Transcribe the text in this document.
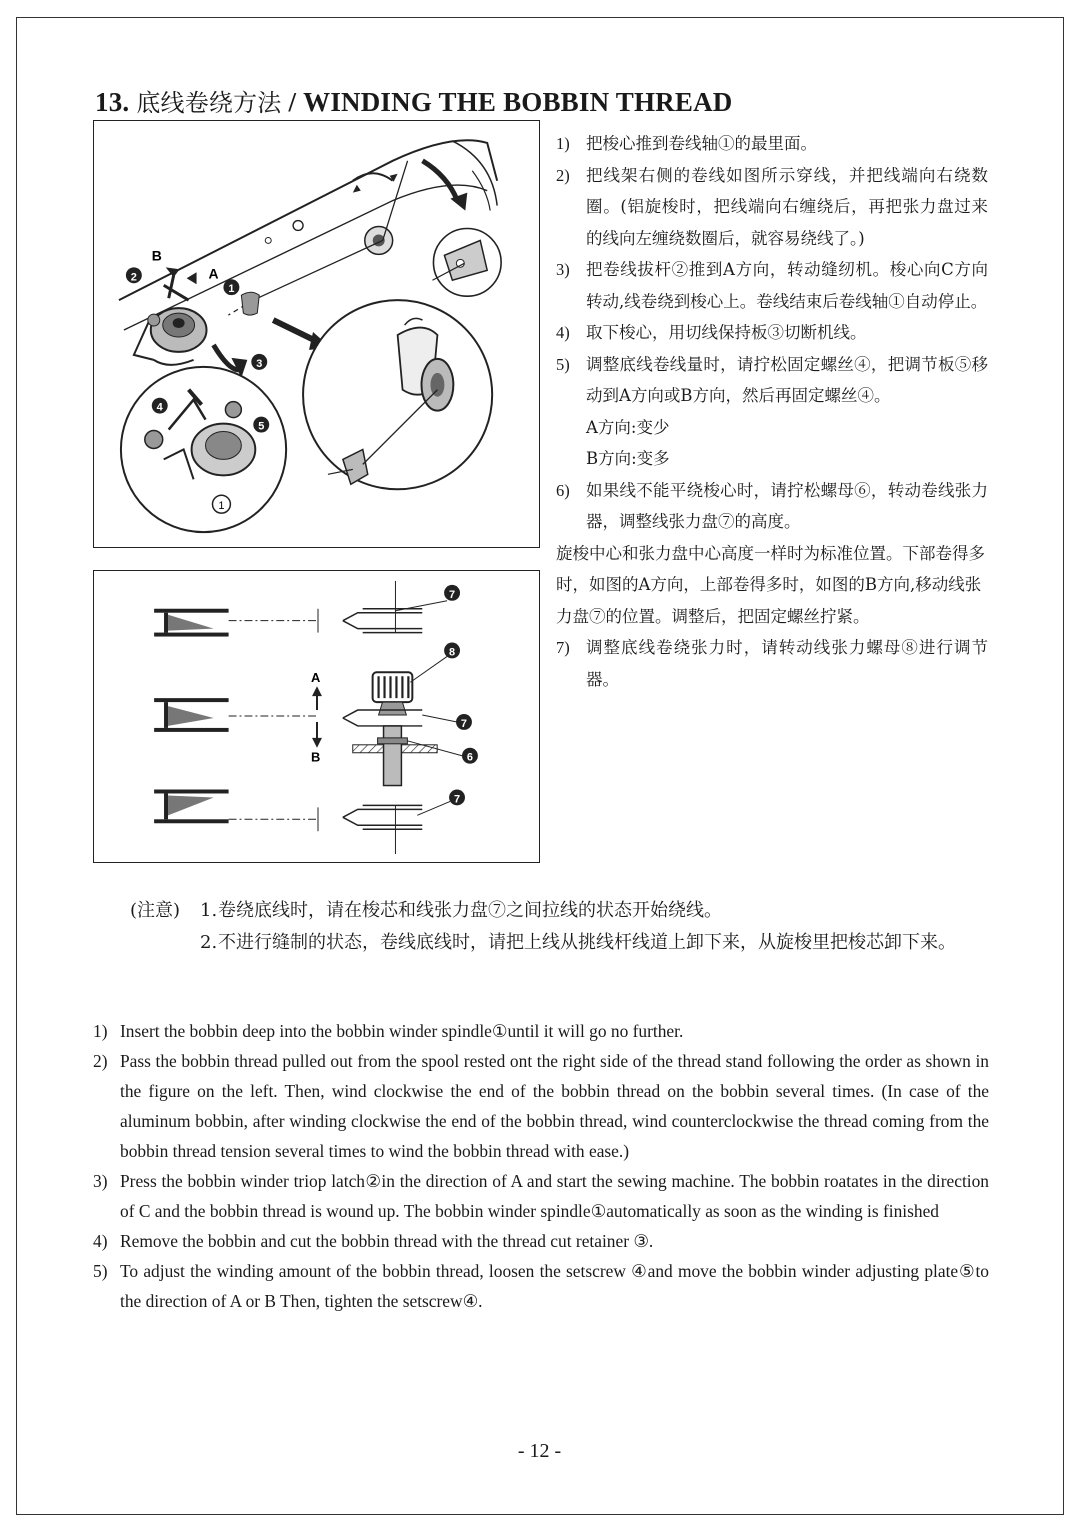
13. 底线卷绕方法 / WINDING THE BOBBIN THREAD
B
A
2
1
3
4
5
1
7
A
B
8
7
6
7
1) 把梭心推到卷线轴①的最里面。
2) 把线架右侧的卷线如图所示穿线，并把线端向右绕数圈。(铝旋梭时，把线端向右缠绕后，再把张力盘过来的线向左缠绕数圈后，就容易绕线了。)
3) 把卷线拔杆②推到A方向，转动缝纫机。梭心向C方向转动,线卷绕到梭心上。卷线结束后卷线轴①自动停止。
4) 取下梭心，用切线保持板③切断机线。
5) 调整底线卷线量时，请拧松固定螺丝④，把调节板⑤移动到A方向或B方向，然后再固定螺丝④。
A方向:变少
B方向:变多
6) 如果线不能平绕梭心时，请拧松螺母⑥，转动卷线张力器，调整线张力盘⑦的高度。
旋梭中心和张力盘中心高度一样时为标准位置。下部卷得多时，如图的A方向，上部卷得多时，如图的B方向,移动线张力盘⑦的位置。调整后，把固定螺丝拧紧。
7) 调整底线卷绕张力时，请转动线张力螺母⑧进行调节器。
(注意)	1. 卷绕底线时，请在梭芯和线张力盘⑦之间拉线的状态开始绕线。
2. 不进行缝制的状态，卷线底线时，请把上线从挑线杆线道上卸下来，从旋梭里把梭芯卸下来。
1) Insert the bobbin deep into the bobbin winder spindle①until it will go no further.
2) Pass the bobbin thread pulled out from the spool rested ont the right side of the thread stand following the order as shown in the figure on the left. Then, wind clockwise the end of the bobbin thread on the bobbin several times. (In case of the aluminum bobbin, after winding clockwise the end of the bobbin thread, wind counterclockwise the thread coming from the bobbin thread tension several times to wind the bobbin thread with ease.)
3) Press the bobbin winder triop latch②in the direction of A and start the sewing machine. The bobbin roatates in the direction of C and the bobbin thread is wound up. The bobbin winder spindle①automatically as soon as the winding is finished
4) Remove the bobbin and cut the bobbin thread with the thread cut retainer ③.
5) To adjust the winding amount of the bobbin thread, loosen the setscrew ④and move the bobbin winder adjusting plate⑤to the direction of A or B Then, tighten the setscrew④.
- 12 -
